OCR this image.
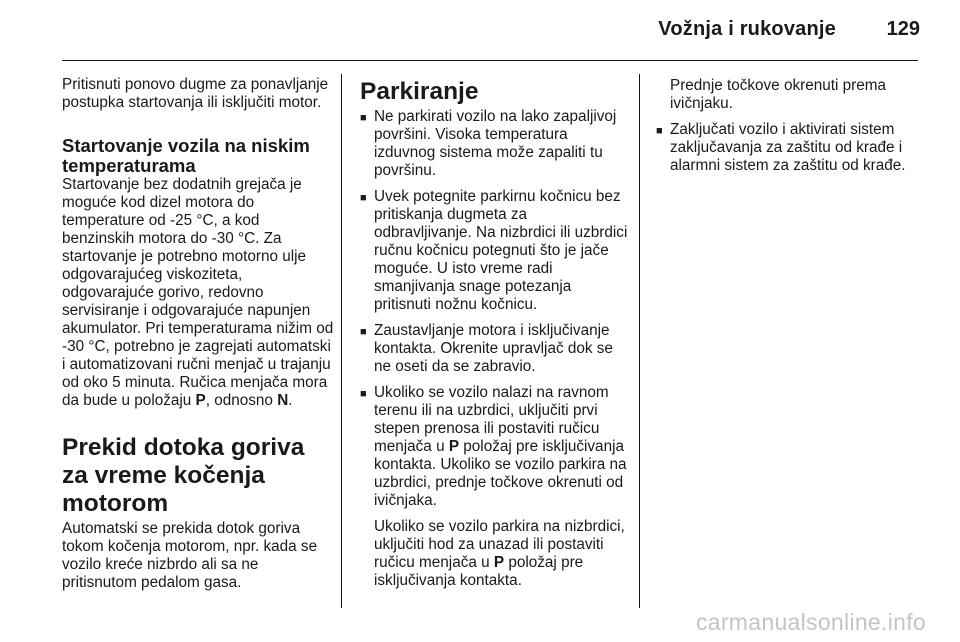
Vožnja i rukovanje	129

Pritisnuti ponovo dugme za ponavljanje postupka startovanja ili isključiti motor.

Startovanje vozila na niskim temperaturama

Startovanje bez dodatnih grejača je moguće kod dizel motora do temperature od -25 °C, a kod benzinskih motora do -30 °C. Za startovanje je potrebno motorno ulje odgovarajućeg viskoziteta, odgovarajuće gorivo, redovno servisiranje i odgovarajuće napunjen akumulator. Pri temperaturama nižim od -30 °C, potrebno je zagrejati automatski i automatizovani ručni menjač u trajanju od oko 5 minuta. Ručica menjača mora da bude u položaju P, odnosno N.

Prekid dotoka goriva za vreme kočenja motorom

Automatski se prekida dotok goriva tokom kočenja motorom, npr. kada se vozilo kreće nizbrdo ali sa ne pritisnutom pedalom gasa.

Parkiranje
■ Ne parkirati vozilo na lako zapaljivoj površini. Visoka temperatura izduvnog sistema može zapaliti tu površinu.
■ Uvek potegnite parkirnu kočnicu bez pritiskanja dugmeta za odbravljivanje. Na nizbrdici ili uzbrdici ručnu kočnicu potegnuti što je jače moguće. U isto vreme radi smanjivanja snage potezanja pritisnuti nožnu kočnicu.
■ Zaustavljanje motora i isključivanje kontakta. Okrenite upravljač dok se ne oseti da se zabravio.
■ Ukoliko se vozilo nalazi na ravnom terenu ili na uzbrdici, uključiti prvi stepen prenosa ili postaviti ručicu menjača u P položaj pre isključivanja kontakta. Ukoliko se vozilo parkira na uzbrdici, prednje točkove okrenuti od ivičnjaka.

Ukoliko se vozilo parkira na nizbrdici, uključiti hod za unazad ili postaviti ručicu menjača u P položaj pre isključivanja kontakta.

Prednje točkove okrenuti prema ivičnjaku.

■ Zaključati vozilo i aktivirati sistem zaključavanja za zaštitu od krađe i alarmni sistem za zaštitu od krađe.
carmanualsonline.info
